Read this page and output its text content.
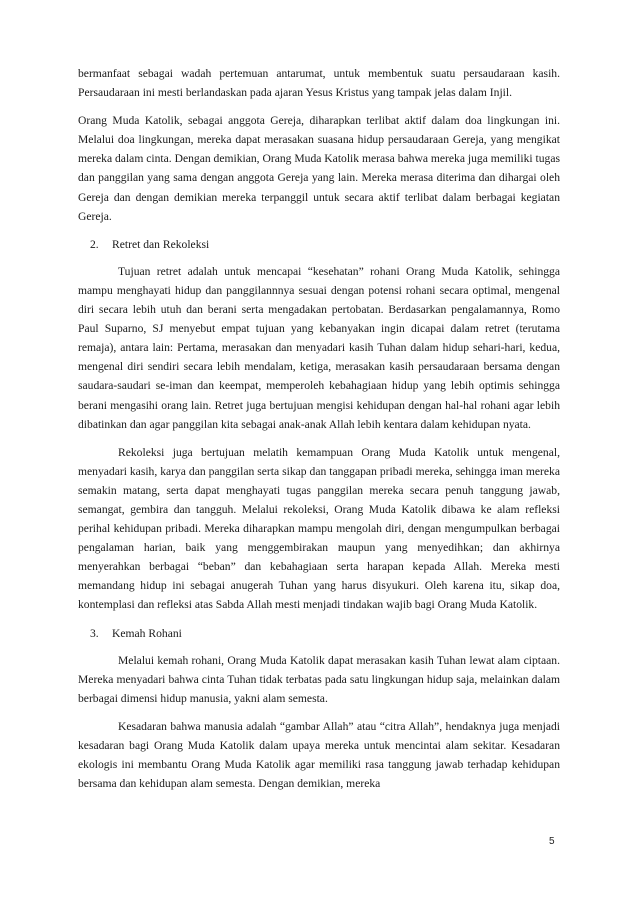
bermanfaat sebagai wadah pertemuan antarumat, untuk membentuk suatu persaudaraan kasih. Persaudaraan ini mesti berlandaskan pada ajaran Yesus Kristus yang tampak jelas dalam Injil.

Orang Muda Katolik, sebagai anggota Gereja, diharapkan terlibat aktif dalam doa lingkungan ini. Melalui doa lingkungan, mereka dapat merasakan suasana hidup persaudaraan Gereja, yang mengikat mereka dalam cinta. Dengan demikian, Orang Muda Katolik merasa bahwa mereka juga memiliki tugas dan panggilan yang sama dengan anggota Gereja yang lain. Mereka merasa diterima dan dihargai oleh Gereja dan dengan demikian mereka terpanggil untuk secara aktif terlibat dalam berbagai kegiatan Gereja.

2.	Retret dan Rekoleksi

Tujuan retret adalah untuk mencapai “kesehatan” rohani Orang Muda Katolik, sehingga mampu menghayati hidup dan panggilannnya sesuai dengan potensi rohani secara optimal, mengenal diri secara lebih utuh dan berani serta mengadakan pertobatan. Berdasarkan pengalamannya, Romo Paul Suparno, SJ menyebut empat tujuan yang kebanyakan ingin dicapai dalam retret (terutama remaja), antara lain: Pertama, merasakan dan menyadari kasih Tuhan dalam hidup sehari-hari, kedua, mengenal diri sendiri secara lebih mendalam, ketiga, merasakan kasih persaudaraan bersama dengan saudara-saudari se-iman dan keempat, memperoleh kebahagiaan hidup yang lebih optimis sehingga berani mengasihi orang lain. Retret juga bertujuan mengisi kehidupan dengan hal-hal rohani agar lebih dibatinkan dan agar panggilan kita sebagai anak-anak Allah lebih kentara dalam kehidupan nyata.

Rekoleksi juga bertujuan melatih kemampuan Orang Muda Katolik untuk mengenal, menyadari kasih, karya dan panggilan serta sikap dan tanggapan pribadi mereka, sehingga iman mereka semakin matang, serta dapat menghayati tugas panggilan mereka secara penuh tanggung jawab, semangat, gembira dan tangguh. Melalui rekoleksi, Orang Muda Katolik dibawa ke alam refleksi perihal kehidupan pribadi. Mereka diharapkan mampu mengolah diri, dengan mengumpulkan berbagai pengalaman harian, baik yang menggembirakan maupun yang menyedihkan; dan akhirnya menyerahkan berbagai “beban” dan kebahagiaan serta harapan kepada Allah. Mereka mesti memandang hidup ini sebagai anugerah Tuhan yang harus disyukuri. Oleh karena itu, sikap doa, kontemplasi dan refleksi atas Sabda Allah mesti menjadi tindakan wajib bagi Orang Muda Katolik.

3.	Kemah Rohani

Melalui kemah rohani, Orang Muda Katolik dapat merasakan kasih Tuhan lewat alam ciptaan. Mereka menyadari bahwa cinta Tuhan tidak terbatas pada satu lingkungan hidup saja, melainkan dalam berbagai dimensi hidup manusia, yakni alam semesta.

Kesadaran bahwa manusia adalah “gambar Allah” atau “citra Allah”, hendaknya juga menjadi kesadaran bagi Orang Muda Katolik dalam upaya mereka untuk mencintai alam sekitar. Kesadaran ekologis ini membantu Orang Muda Katolik agar memiliki rasa tanggung jawab terhadap kehidupan bersama dan kehidupan alam semesta. Dengan demikian, mereka

5
